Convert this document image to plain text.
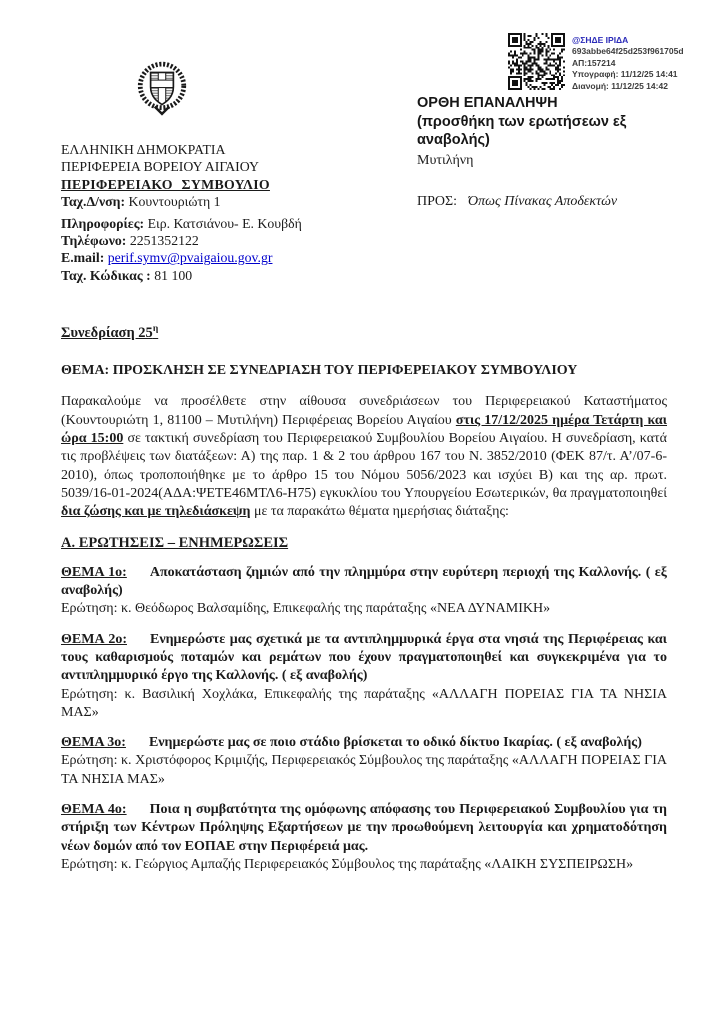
@ΣΗΔΕ ΙΡΙΔΑ
693abbe64f25d253f961705d
ΑΠ:157214
Υπογραφή: 11/12/25 14:41
Διανομή: 11/12/25 14:42
ΟΡΘΗ ΕΠΑΝΑΛΗΨΗ
(προσθήκη των ερωτήσεων εξ αναβολής)
Μυτιλήνη
ΕΛΛΗΝΙΚΗ ΔΗΜΟΚΡΑΤΙΑ
ΠΕΡΙΦΕΡΕΙΑ ΒΟΡΕΙΟΥ ΑΙΓΑΙΟΥ
ΠΕΡΙΦΕΡΕΙΑΚΟ ΣΥΜΒΟΥΛΙΟ
Ταχ.Δ/νση: Κουντουριώτη 1
Πληροφορίες: Ειρ. Κατσιάνου- Ε. Κουβδή
Τηλέφωνο: 2251352122
E.mail: perif.symv@pvaigaiou.gov.gr
Ταχ. Κώδικας : 81 100
ΠΡΟΣ: Όπως Πίνακας Αποδεκτών
Συνεδρίαση $25^\eta$
ΘΕΜΑ: ΠΡΟΣΚΛΗΣΗ ΣΕ ΣΥΝΕΔΡΙΑΣΗ ΤΟΥ ΠΕΡΙΦΕΡΕΙΑΚΟΥ ΣΥΜΒΟΥΛΙΟΥ

Παρακαλούμε να προσέλθετε στην αίθουσα συνεδριάσεων του Περιφερειακού Καταστήματος (Κουντουριώτη 1, 81100 – Μυτιλήνη) Περιφέρειας Βορείου Αιγαίου στις 17/12/2025 ημέρα Τετάρτη και ώρα 15:00 σε τακτική συνεδρίαση του Περιφερειακού Συμβουλίου Βορείου Αιγαίου. Η συνεδρίαση, κατά τις προβλέψεις των διατάξεων: Α) της παρ. 1 & 2 του άρθρου 167 του Ν. 3852/2010 (ΦΕΚ 87/τ. Α’/07-6-2010), όπως τροποποιήθηκε με το άρθρο 15 του Νόμου 5056/2023 και ισχύει Β) και της αρ. πρωτ. 5039/16-01-2024(ΑΔΑ:ΨΕΤΕ46ΜΤΛ6-Η75) εγκυκλίου του Υπουργείου Εσωτερικών, θα πραγματοποιηθεί δια ζώσης και με τηλεδιάσκεψη με τα παρακάτω θέματα ημερήσιας διάταξης:

Α. ΕΡΩΤΗΣΕΙΣ – ΕΝΗΜΕΡΩΣΕΙΣ

ΘΕΜΑ 1ο: Αποκατάσταση ζημιών από την πλημμύρα στην ευρύτερη περιοχή της Καλλονής. ( εξ αναβολής)

Ερώτηση: κ. Θεόδωρος Βαλσαμίδης, Επικεφαλής της παράταξης «ΝΕΑ ΔΥΝΑΜΙΚΗ»

ΘΕΜΑ 2ο: Ενημερώστε μας σχετικά με τα αντιπλημμυρικά έργα στα νησιά της Περιφέρειας και τους καθαρισμούς ποταμών και ρεμάτων που έχουν πραγματοποιηθεί και συγκεκριμένα για το αντιπλημμυρικό έργο της Καλλονής. ( εξ αναβολής)

Ερώτηση: κ. Βασιλική Χοχλάκα, Επικεφαλής της παράταξης «ΑΛΛΑΓΗ ΠΟΡΕΙΑΣ ΓΙΑ ΤΑ ΝΗΣΙΑ ΜΑΣ»

ΘΕΜΑ 3ο: Ενημερώστε μας σε ποιο στάδιο βρίσκεται το οδικό δίκτυο Ικαρίας. ( εξ αναβολής)

Ερώτηση: κ. Χριστόφορος Κριμιζής, Περιφερειακός Σύμβουλος της παράταξης «ΑΛΛΑΓΗ ΠΟΡΕΙΑΣ ΓΙΑ ΤΑ ΝΗΣΙΑ ΜΑΣ»

ΘΕΜΑ 4ο: Ποια η συμβατότητα της ομόφωνης απόφασης του Περιφερειακού Συμβουλίου για τη στήριξη των Κέντρων Πρόληψης Εξαρτήσεων με την προωθούμενη λειτουργία και χρηματοδότηση νέων δομών από τον ΕΟΠΑΕ στην Περιφέρειά μας.

Ερώτηση: κ. Γεώργιος Αμπαζής Περιφερειακός Σύμβουλος της παράταξης «ΛΑΙΚΗ ΣΥΣΠΕΙΡΩΣΗ»
